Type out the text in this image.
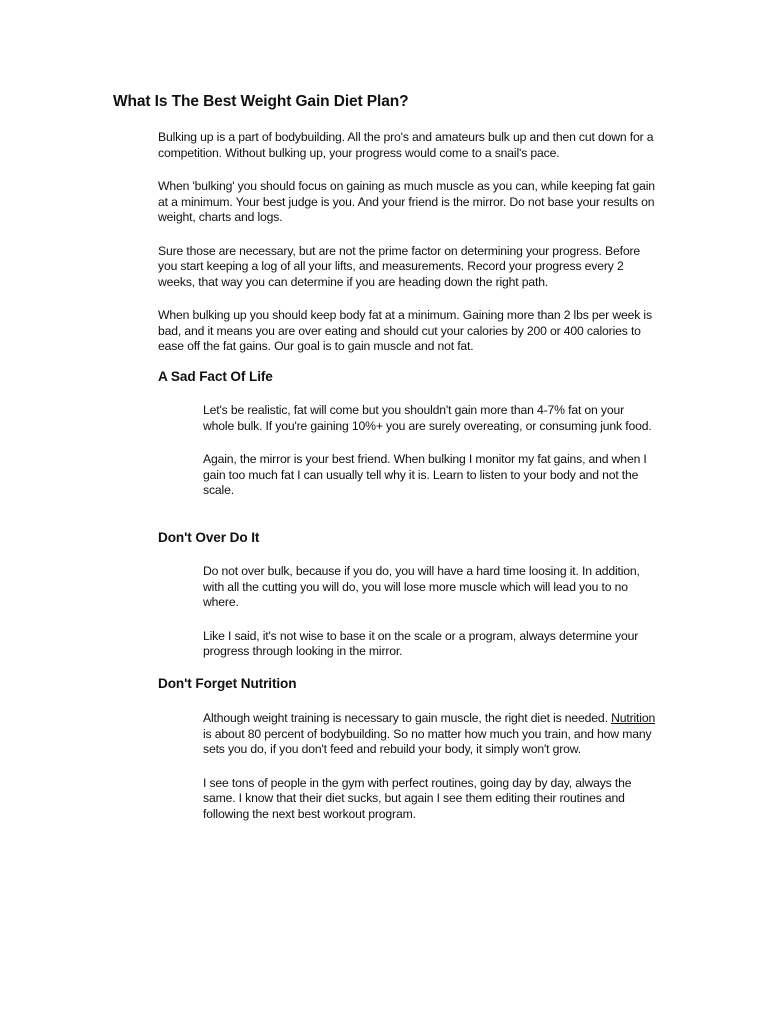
What Is The Best Weight Gain Diet Plan?

Bulking up is a part of bodybuilding. All the pro's and amateurs bulk up and then cut down for a competition. Without bulking up, your progress would come to a snail's pace.

When 'bulking' you should focus on gaining as much muscle as you can, while keeping fat gain at a minimum. Your best judge is you. And your friend is the mirror. Do not base your results on weight, charts and logs.

Sure those are necessary, but are not the prime factor on determining your progress. Before you start keeping a log of all your lifts, and measurements. Record your progress every 2 weeks, that way you can determine if you are heading down the right path.

When bulking up you should keep body fat at a minimum. Gaining more than 2 lbs per week is bad, and it means you are over eating and should cut your calories by 200 or 400 calories to ease off the fat gains. Our goal is to gain muscle and not fat.

A Sad Fact Of Life

Let's be realistic, fat will come but you shouldn't gain more than 4-7% fat on your whole bulk. If you're gaining 10%+ you are surely overeating, or consuming junk food.

Again, the mirror is your best friend. When bulking I monitor my fat gains, and when I gain too much fat I can usually tell why it is. Learn to listen to your body and not the scale.

Don't Over Do It

Do not over bulk, because if you do, you will have a hard time loosing it. In addition, with all the cutting you will do, you will lose more muscle which will lead you to no where.

Like I said, it's not wise to base it on the scale or a program, always determine your progress through looking in the mirror.

Don't Forget Nutrition

Although weight training is necessary to gain muscle, the right diet is needed. Nutrition is about 80 percent of bodybuilding. So no matter how much you train, and how many sets you do, if you don't feed and rebuild your body, it simply won't grow.

I see tons of people in the gym with perfect routines, going day by day, always the same. I know that their diet sucks, but again I see them editing their routines and following the next best workout program.
